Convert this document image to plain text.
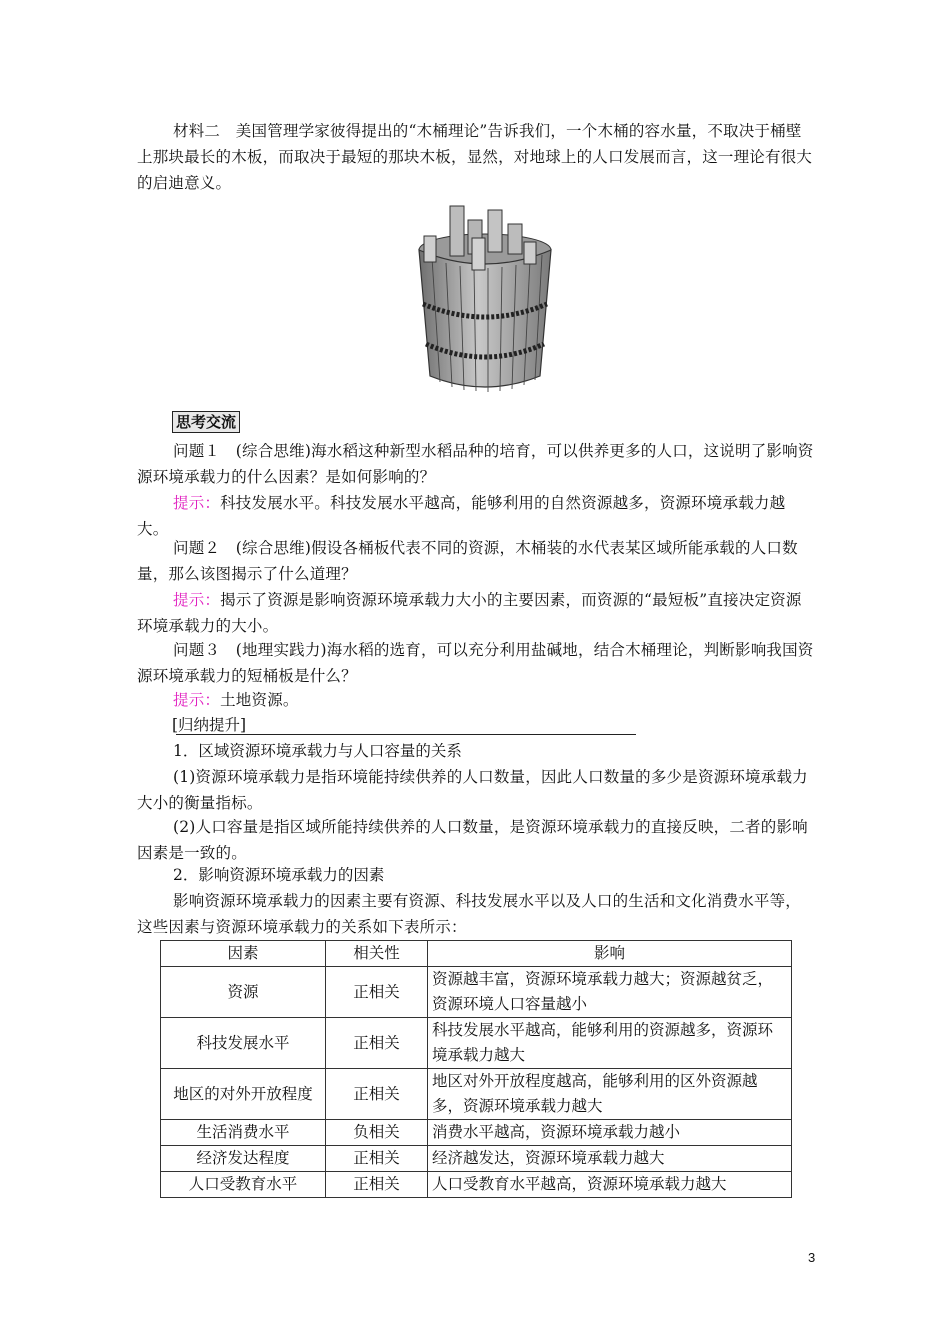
材料二　美国管理学家彼得提出的“木桶理论”告诉我们，一个木桶的容水量，不取决于桶壁上那块最长的木板，而取决于最短的那块木板，显然，对地球上的人口发展而言，这一理论有很大的启迪意义。

思考交流

问题１　(综合思维)海水稻这种新型水稻品种的培育，可以供养更多的人口，这说明了影响资源环境承载力的什么因素？是如何影响的？

提示：科技发展水平。科技发展水平越高，能够利用的自然资源越多，资源环境承载力越大。

问题２　(综合思维)假设各桶板代表不同的资源，木桶装的水代表某区域所能承载的人口数量，那么该图揭示了什么道理？

提示：揭示了资源是影响资源环境承载力大小的主要因素，而资源的“最短板”直接决定资源环境承载力的大小。

问题３　(地理实践力)海水稻的选育，可以充分利用盐碱地，结合木桶理论，判断影响我国资源环境承载力的短桶板是什么？

提示：土地资源。

[归纳提升]

1．区域资源环境承载力与人口容量的关系

(1)资源环境承载力是指环境能持续供养的人口数量，因此人口数量的多少是资源环境承载力大小的衡量指标。

(2)人口容量是指区域所能持续供养的人口数量，是资源环境承载力的直接反映，二者的影响因素是一致的。

2．影响资源环境承载力的因素

影响资源环境承载力的因素主要有资源、科技发展水平以及人口的生活和文化消费水平等，这些因素与资源环境承载力的关系如下表所示：

因素	相关性	影响
资源	正相关	资源越丰富，资源环境承载力越大；资源越贫乏，资源环境人口容量越小
科技发展水平	正相关	科技发展水平越高，能够利用的资源越多，资源环境承载力越大
地区的对外开放程度	正相关	地区对外开放程度越高，能够利用的区外资源越多，资源环境承载力越大
生活消费水平	负相关	消费水平越高，资源环境承载力越小
经济发达程度	正相关	经济越发达，资源环境承载力越大
人口受教育水平	正相关	人口受教育水平越高，资源环境承载力越大
3
